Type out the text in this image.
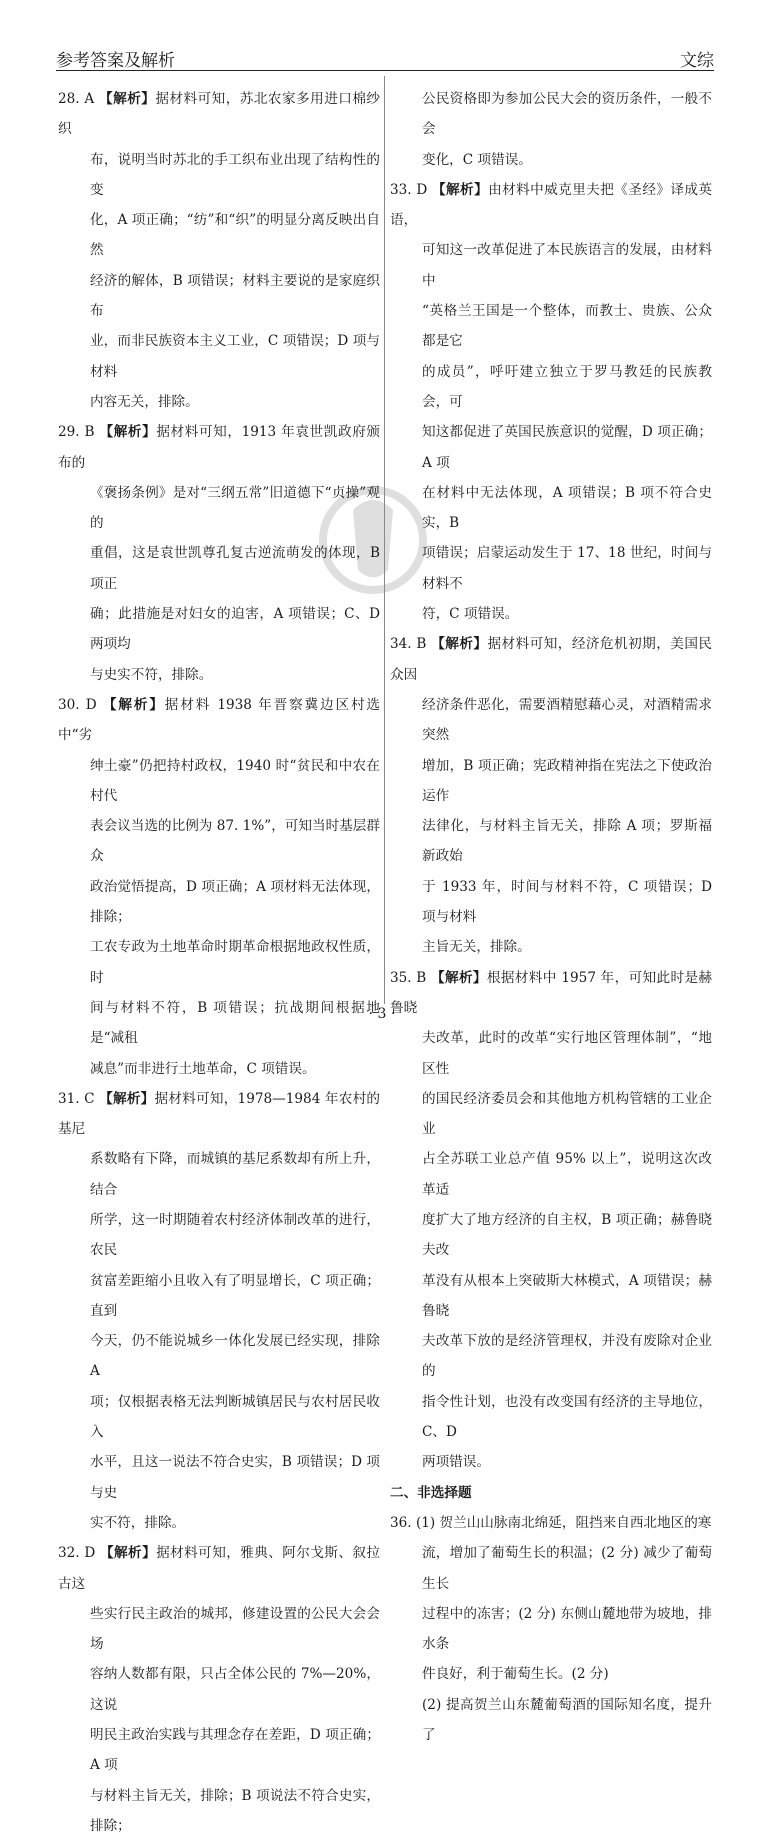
参考答案及解析	文综

28. A 【解析】据材料可知，苏北农家多用进口棉纱织

布，说明当时苏北的手工织布业出现了结构性的变

化，A 项正确；“纺”和“织”的明显分离反映出自然

经济的解体，B 项错误；材料主要说的是家庭织布

业，而非民族资本主义工业，C 项错误；D 项与材料

内容无关，排除。

29. B 【解析】据材料可知，1913 年袁世凯政府颁布的

《褒扬条例》是对“三纲五常”旧道德下“贞操”观的

重倡，这是袁世凯尊孔复古逆流萌发的体现，B 项正

确；此措施是对妇女的迫害，A 项错误；C、D 两项均

与史实不符，排除。

30. D 【解析】据材料 1938 年晋察冀边区村选中“劣

绅土豪”仍把持村政权，1940 时“贫民和中农在村代

表会议当选的比例为 87. 1%”，可知当时基层群众

政治觉悟提高，D 项正确；A 项材料无法体现，排除；

工农专政为土地革命时期革命根据地政权性质，时

间与材料不符，B 项错误；抗战期间根据地是“减租

减息”而非进行土地革命，C 项错误。

31. C 【解析】据材料可知，1978—1984 年农村的基尼

系数略有下降，而城镇的基尼系数却有所上升，结合

所学，这一时期随着农村经济体制改革的进行，农民

贫富差距缩小且收入有了明显增长，C 项正确；直到

今天，仍不能说城乡一体化发展已经实现，排除 A

项；仅根据表格无法判断城镇居民与农村居民收入

水平，且这一说法不符合史实，B 项错误；D 项与史

实不符，排除。

32. D 【解析】据材料可知，雅典、阿尔戈斯、叙拉古这

些实行民主政治的城邦，修建设置的公民大会会场

容纳人数都有限，只占全体公民的 7%—20%，这说

明民主政治实践与其理念存在差距，D 项正确；A 项

与材料主旨无关，排除；B 项说法不符合史实，排除；

公民资格即为参加公民大会的资历条件，一般不会

变化，C 项错误。

33. D 【解析】由材料中威克里夫把《圣经》译成英语，

可知这一改革促进了本民族语言的发展，由材料中

“英格兰王国是一个整体，而教士、贵族、公众都是它

的成员”，呼吁建立独立于罗马教廷的民族教会，可

知这都促进了英国民族意识的觉醒，D 项正确；A 项

在材料中无法体现，A 项错误；B 项不符合史实，B

项错误；启蒙运动发生于 17、18 世纪，时间与材料不

符，C 项错误。

34. B 【解析】据材料可知，经济危机初期，美国民众因

经济条件恶化，需要酒精慰藉心灵，对酒精需求突然

增加，B 项正确；宪政精神指在宪法之下使政治运作

法律化，与材料主旨无关，排除 A 项；罗斯福新政始

于 1933 年，时间与材料不符，C 项错误；D 项与材料

主旨无关，排除。

35. B 【解析】根据材料中 1957 年，可知此时是赫鲁晓

夫改革，此时的改革“实行地区管理体制”，“地区性

的国民经济委员会和其他地方机构管辖的工业企业

占全苏联工业总产值 95% 以上”，说明这次改革适

度扩大了地方经济的自主权，B 项正确；赫鲁晓夫改

革没有从根本上突破斯大林模式，A 项错误；赫鲁晓

夫改革下放的是经济管理权，并没有废除对企业的

指令性计划，也没有改变国有经济的主导地位，C、D

两项错误。

二、非选择题

36. (1) 贺兰山山脉南北绵延，阻挡来自西北地区的寒

流，增加了葡萄生长的积温；(2 分) 减少了葡萄生长

过程中的冻害；(2 分) 东侧山麓地带为坡地，排水条

件良好，利于葡萄生长。(2 分)

(2) 提高贺兰山东麓葡萄酒的国际知名度，提升了

· 3 ·
